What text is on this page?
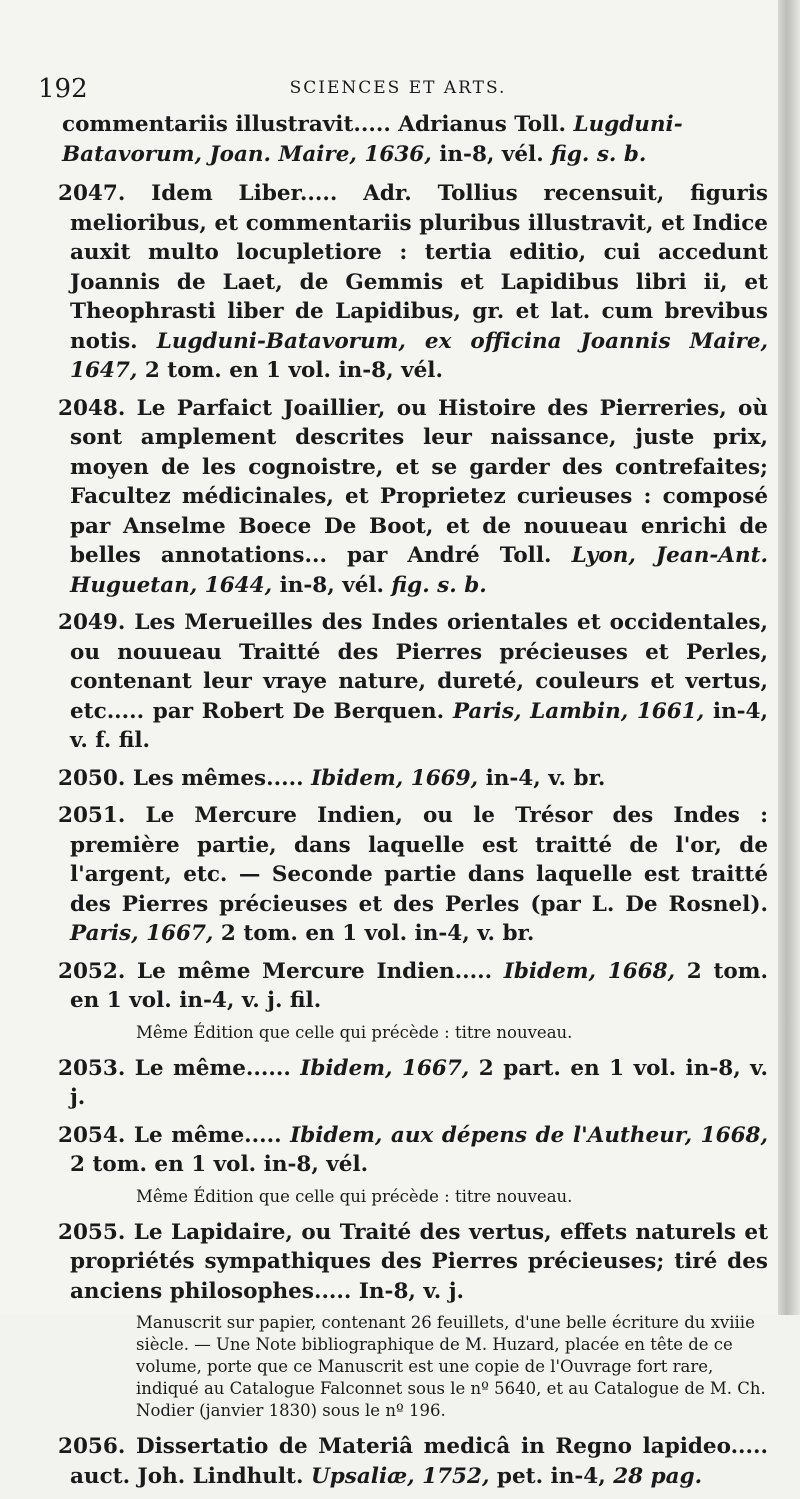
192	SCIENCES ET ARTS.
commentariis illustravit..... Adrianus Toll. Lugduni-Batavorum, Joan. Maire, 1636, in-8, vél. fig. s. b.
2047. Idem Liber..... Adr. Tollius recensuit, figuris melioribus, et commentariis pluribus illustravit, et Indice auxit multo locupletiore : tertia editio, cui accedunt Joannis de Laet, de Gemmis et Lapidibus libri ii, et Theophrasti liber de Lapidibus, gr. et lat. cum brevibus notis. Lugduni-Batavorum, ex officina Joannis Maire, 1647, 2 tom. en 1 vol. in-8, vél.
2048. Le Parfaict Joaillier, ou Histoire des Pierreries, où sont amplement descrites leur naissance, juste prix, moyen de les cognoistre, et se garder des contrefaites; Facultez médicinales, et Proprietez curieuses : composé par Anselme Boece De Boot, et de nouueau enrichi de belles annotations... par André Toll. Lyon, Jean-Ant. Huguetan, 1644, in-8, vél. fig. s. b.
2049. Les Merueilles des Indes orientales et occidentales, ou nouueau Traitté des Pierres précieuses et Perles, contenant leur vraye nature, dureté, couleurs et vertus, etc..... par Robert De Berquen. Paris, Lambin, 1661, in-4, v. f. fil.
2050. Les mêmes..... Ibidem, 1669, in-4, v. br.
2051. Le Mercure Indien, ou le Trésor des Indes : première partie, dans laquelle est traitté de l'or, de l'argent, etc. — Seconde partie dans laquelle est traitté des Pierres précieuses et des Perles (par L. De Rosnel). Paris, 1667, 2 tom. en 1 vol. in-4, v. br.
2052. Le même Mercure Indien..... Ibidem, 1668, 2 tom. en 1 vol. in-4, v. j. fil.
Même Édition que celle qui précède : titre nouveau.
2053. Le même...... Ibidem, 1667, 2 part. en 1 vol. in-8, v. j.
2054. Le même..... Ibidem, aux dépens de l'Autheur, 1668, 2 tom. en 1 vol. in-8, vél.
Même Édition que celle qui précède : titre nouveau.
2055. Le Lapidaire, ou Traité des vertus, effets naturels et propriétés sympathiques des Pierres précieuses; tiré des anciens philosophes..... In-8, v. j.
Manuscrit sur papier, contenant 26 feuillets, d'une belle écriture du xviiie siècle. — Une Note bibliographique de M. Huzard, placée en tête de ce volume, porte que ce Manuscrit est une copie de l'Ouvrage fort rare, indiqué au Catalogue Falconnet sous le nº 5640, et au Catalogue de M. Ch. Nodier (janvier 1830) sous le nº 196.
2056. Dissertatio de Materiâ medicâ in Regno lapideo..... auct. Joh. Lindhult. Upsaliæ, 1752, pet. in-4, 28 pag.
